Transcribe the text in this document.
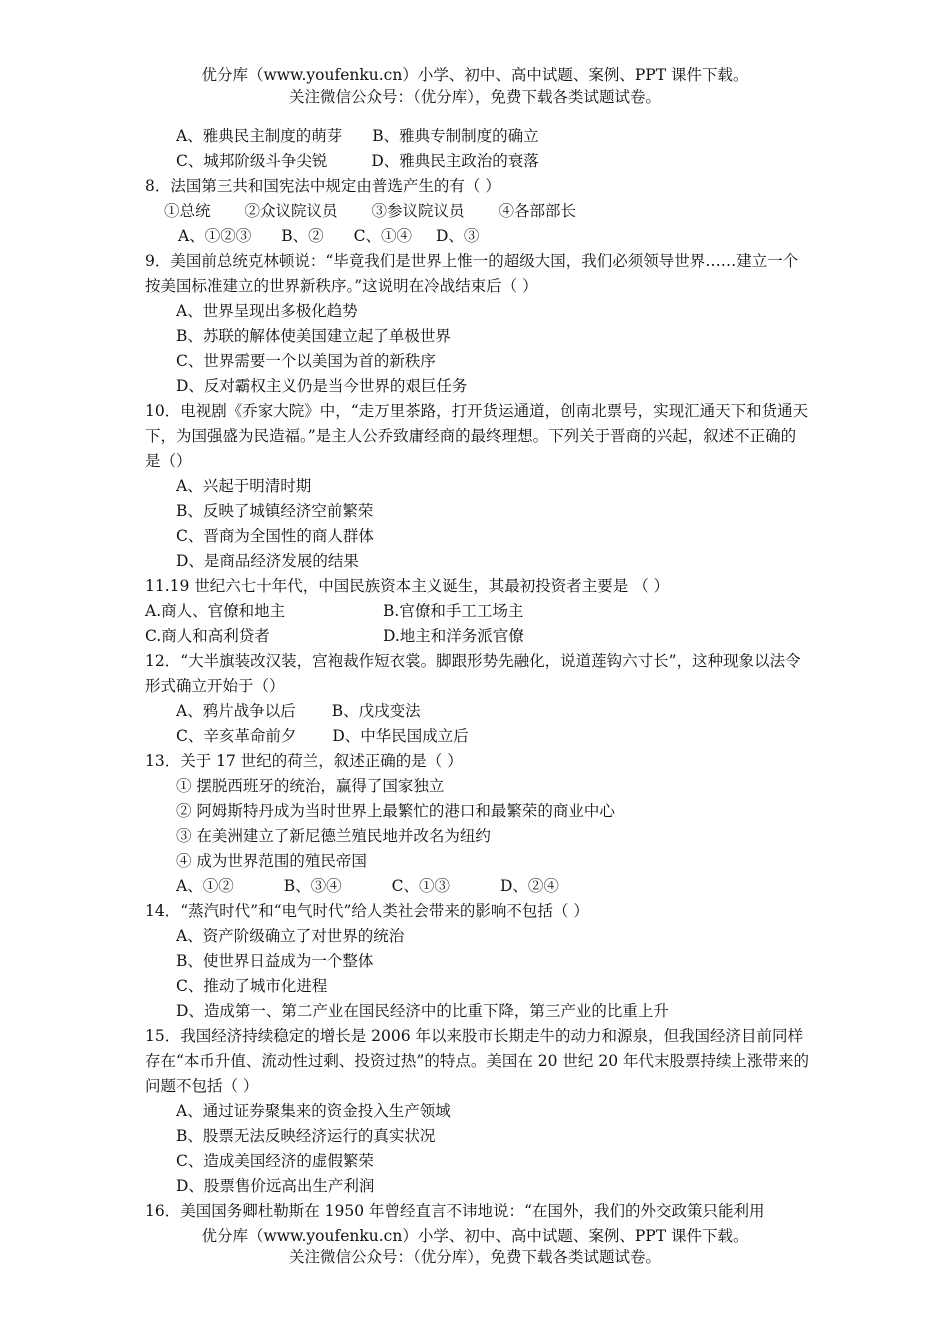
优分库（www.youfenku.cn）小学、初中、高中试题、案例、PPT 课件下载。
关注微信公众号：（优分库），免费下载各类试题试卷。
A、雅典民主制度的萌芽 B、雅典专制制度的确立
C、城邦阶级斗争尖锐	D、雅典民主政治的衰落
8．法国第三共和国宪法中规定由普选产生的有（ ）
①总统 ②众议院议员 ③参议院议员 ④各部部长
A、①②③ B、② C、①④ D、③
9．美国前总统克林顿说：“毕竟我们是世界上惟一的超级大国，我们必须领导世界……建立一个按美国标准建立的世界新秩序。”这说明在冷战结束后（ ）
A、世界呈现出多极化趋势
B、苏联的解体使美国建立起了单极世界
C、世界需要一个以美国为首的新秩序
D、反对霸权主义仍是当今世界的艰巨任务
10．电视剧《乔家大院》中，“走万里茶路，打开货运通道，创南北票号，实现汇通天下和货通天下，为国强盛为民造福。”是主人公乔致庸经商的最终理想。下列关于晋商的兴起，叙述不正确的是（）
A、兴起于明清时期
B、反映了城镇经济空前繁荣
C、晋商为全国性的商人群体
D、是商品经济发展的结果
11.19 世纪六七十年代，中国民族资本主义诞生，其最初投资者主要是 （ ）
A.商人、官僚和地主	B.官僚和手工工场主
C.商人和高利贷者	D.地主和洋务派官僚
12．“大半旗装改汉装，宫袍裁作短衣裳。脚跟形势先融化，说道莲钩六寸长”，这种现象以法令形式确立开始于（）
A、鸦片战争以后 B、戊戌变法
C、辛亥革命前夕 D、中华民国成立后
13．关于 17 世纪的荷兰，叙述正确的是（ ）
① 摆脱西班牙的统治，赢得了国家独立
② 阿姆斯特丹成为当时世界上最繁忙的港口和最繁荣的商业中心
③ 在美洲建立了新尼德兰殖民地并改名为纽约
④ 成为世界范围的殖民帝国
A、①②	B、③④	C、①③	D、②④
14．“蒸汽时代”和“电气时代”给人类社会带来的影响不包括（ ）
A、资产阶级确立了对世界的统治
B、使世界日益成为一个整体
C、推动了城市化进程
D、造成第一、第二产业在国民经济中的比重下降，第三产业的比重上升
15．我国经济持续稳定的增长是 2006 年以来股市长期走牛的动力和源泉，但我国经济目前同样存在“本币升值、流动性过剩、投资过热”的特点。美国在 20 世纪 20 年代末股票持续上涨带来的问题不包括（ ）
A、通过证券聚集来的资金投入生产领域
B、股票无法反映经济运行的真实状况
C、造成美国经济的虚假繁荣
D、股票售价远高出生产利润
16．美国国务卿杜勒斯在 1950 年曾经直言不讳地说：“在国外，我们的外交政策只能利用
优分库（www.youfenku.cn）小学、初中、高中试题、案例、PPT 课件下载。
关注微信公众号：（优分库），免费下载各类试题试卷。
